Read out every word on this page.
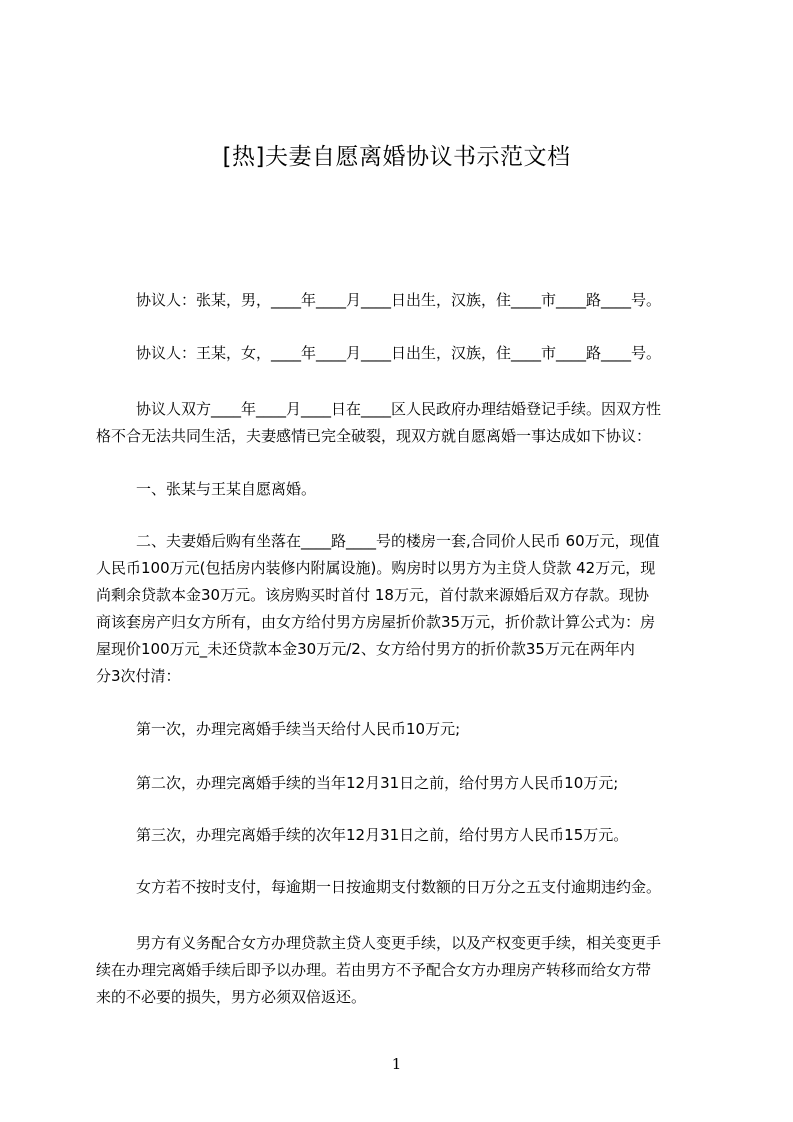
[热]夫妻自愿离婚协议书示范文档
协议人：张某，男，____年____月____日出生，汉族，住____市____路____号。
协议人：王某，女，____年____月____日出生，汉族，住____市____路____号。
协议人双方____年____月____日在____区人民政府办理结婚登记手续。因双方性
格不合无法共同生活，夫妻感情已完全破裂，现双方就自愿离婚一事达成如下协议：
一、张某与王某自愿离婚。
二、夫妻婚后购有坐落在____路____号的楼房一套,合同价人民币 60万元，现值
人民币100万元(包括房内装修内附属设施)。购房时以男方为主贷人贷款 42万元，现
尚剩余贷款本金30万元。该房购买时首付 18万元，首付款来源婚后双方存款。现协
商该套房产归女方所有，由女方给付男方房屋折价款35万元，折价款计算公式为：房
屋现价100万元_未还贷款本金30万元/2、女方给付男方的折价款35万元在两年内
分3次付清：
第一次，办理完离婚手续当天给付人民币10万元;
第二次，办理完离婚手续的当年12月31日之前，给付男方人民币10万元;
第三次，办理完离婚手续的次年12月31日之前，给付男方人民币15万元。
女方若不按时支付，每逾期一日按逾期支付数额的日万分之五支付逾期违约金。
男方有义务配合女方办理贷款主贷人变更手续，以及产权变更手续，相关变更手
续在办理完离婚手续后即予以办理。若由男方不予配合女方办理房产转移而给女方带
来的不必要的损失，男方必须双倍返还。
1
